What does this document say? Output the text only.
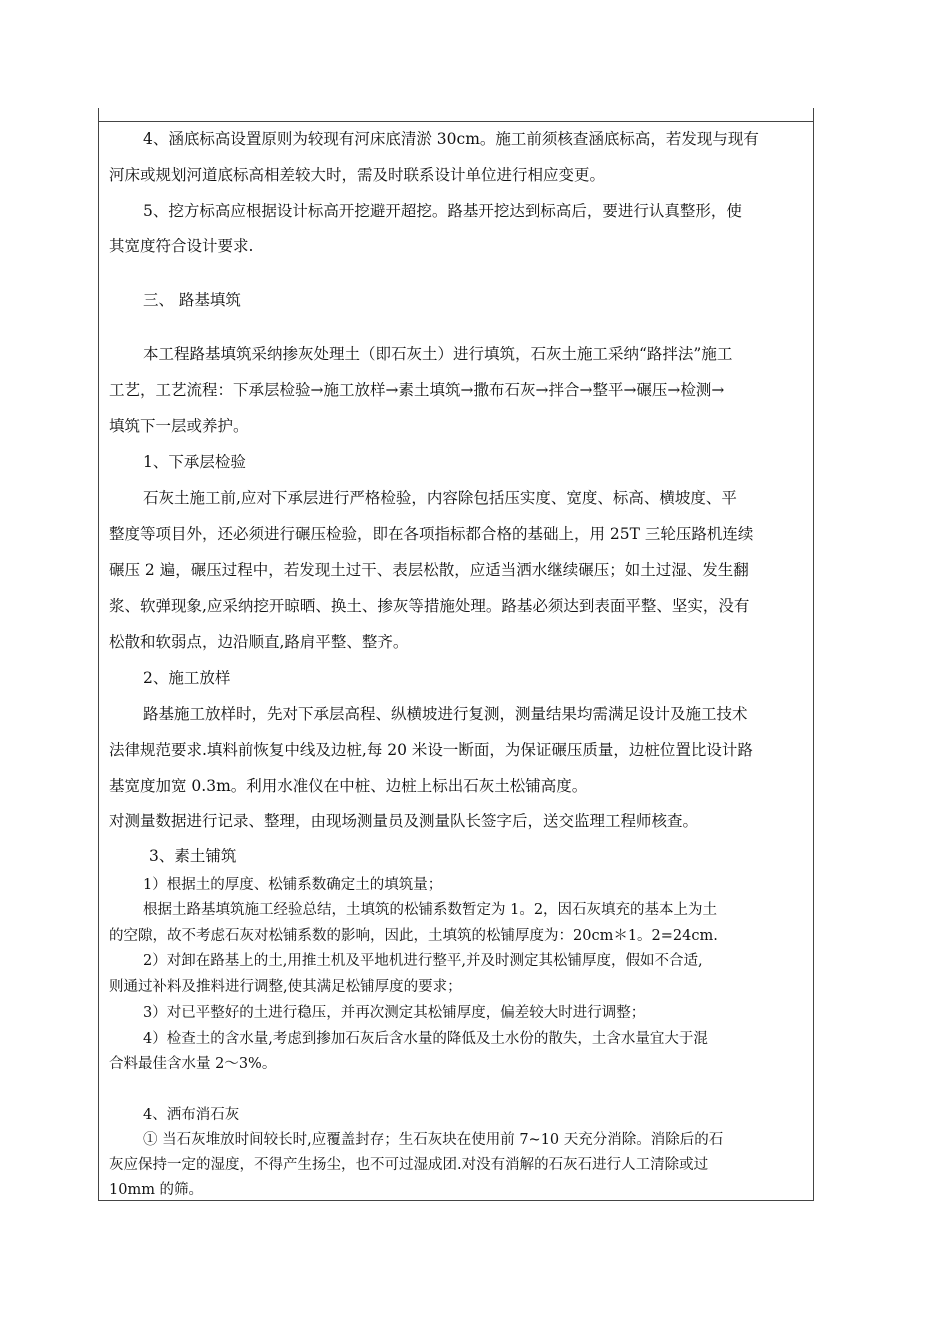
4、涵底标高设置原则为较现有河床底清淤 30cm。施工前须核查涵底标高，若发现与现有
河床或规划河道底标高相差较大时，需及时联系设计单位进行相应变更。
5、挖方标高应根据设计标高开挖避开超挖。路基开挖达到标高后，要进行认真整形，使
其宽度符合设计要求.
三、 路基填筑
本工程路基填筑采纳掺灰处理土（即石灰土）进行填筑，石灰土施工采纳“路拌法”施工
工艺，工艺流程：下承层检验→施工放样→素土填筑→撒布石灰→拌合→整平→碾压→检测→
填筑下一层或养护。
1、下承层检验
石灰土施工前,应对下承层进行严格检验，内容除包括压实度、宽度、标高、横坡度、平
整度等项目外，还必须进行碾压检验，即在各项指标都合格的基础上，用 25T 三轮压路机连续
碾压 2 遍，碾压过程中，若发现土过干、表层松散，应适当洒水继续碾压；如土过湿、发生翻
浆、软弹现象,应采纳挖开晾晒、换土、掺灰等措施处理。路基必须达到表面平整、坚实，没有
松散和软弱点，边沿顺直,路肩平整、整齐。
2、施工放样
路基施工放样时，先对下承层高程、纵横坡进行复测，测量结果均需满足设计及施工技术
法律规范要求.填料前恢复中线及边桩,每 20 米设一断面，为保证碾压质量，边桩位置比设计路
基宽度加宽 0.3m。利用水准仪在中桩、边桩上标出石灰土松铺高度。
对测量数据进行记录、整理，由现场测量员及测量队长签字后，送交监理工程师核查。
3、素土铺筑
1）根据土的厚度、松铺系数确定土的填筑量；
根据土路基填筑施工经验总结，土填筑的松铺系数暂定为 1。2，因石灰填充的基本上为土
的空隙，故不考虑石灰对松铺系数的影响，因此，土填筑的松铺厚度为：20cm＊1。2=24cm.
2）对卸在路基上的土,用推土机及平地机进行整平,并及时测定其松铺厚度，假如不合适,
则通过补料及推料进行调整,使其满足松铺厚度的要求；
3）对已平整好的土进行稳压，并再次测定其松铺厚度，偏差较大时进行调整；
4）检查土的含水量,考虑到掺加石灰后含水量的降低及土水份的散失，土含水量宜大于混
合料最佳含水量 2～3%。
4、洒布消石灰
① 当石灰堆放时间较长时,应覆盖封存；生石灰块在使用前 7~10 天充分消除。消除后的石
灰应保持一定的湿度，不得产生扬尘，也不可过湿成团.对没有消解的石灰石进行人工清除或过
10mm 的筛。
